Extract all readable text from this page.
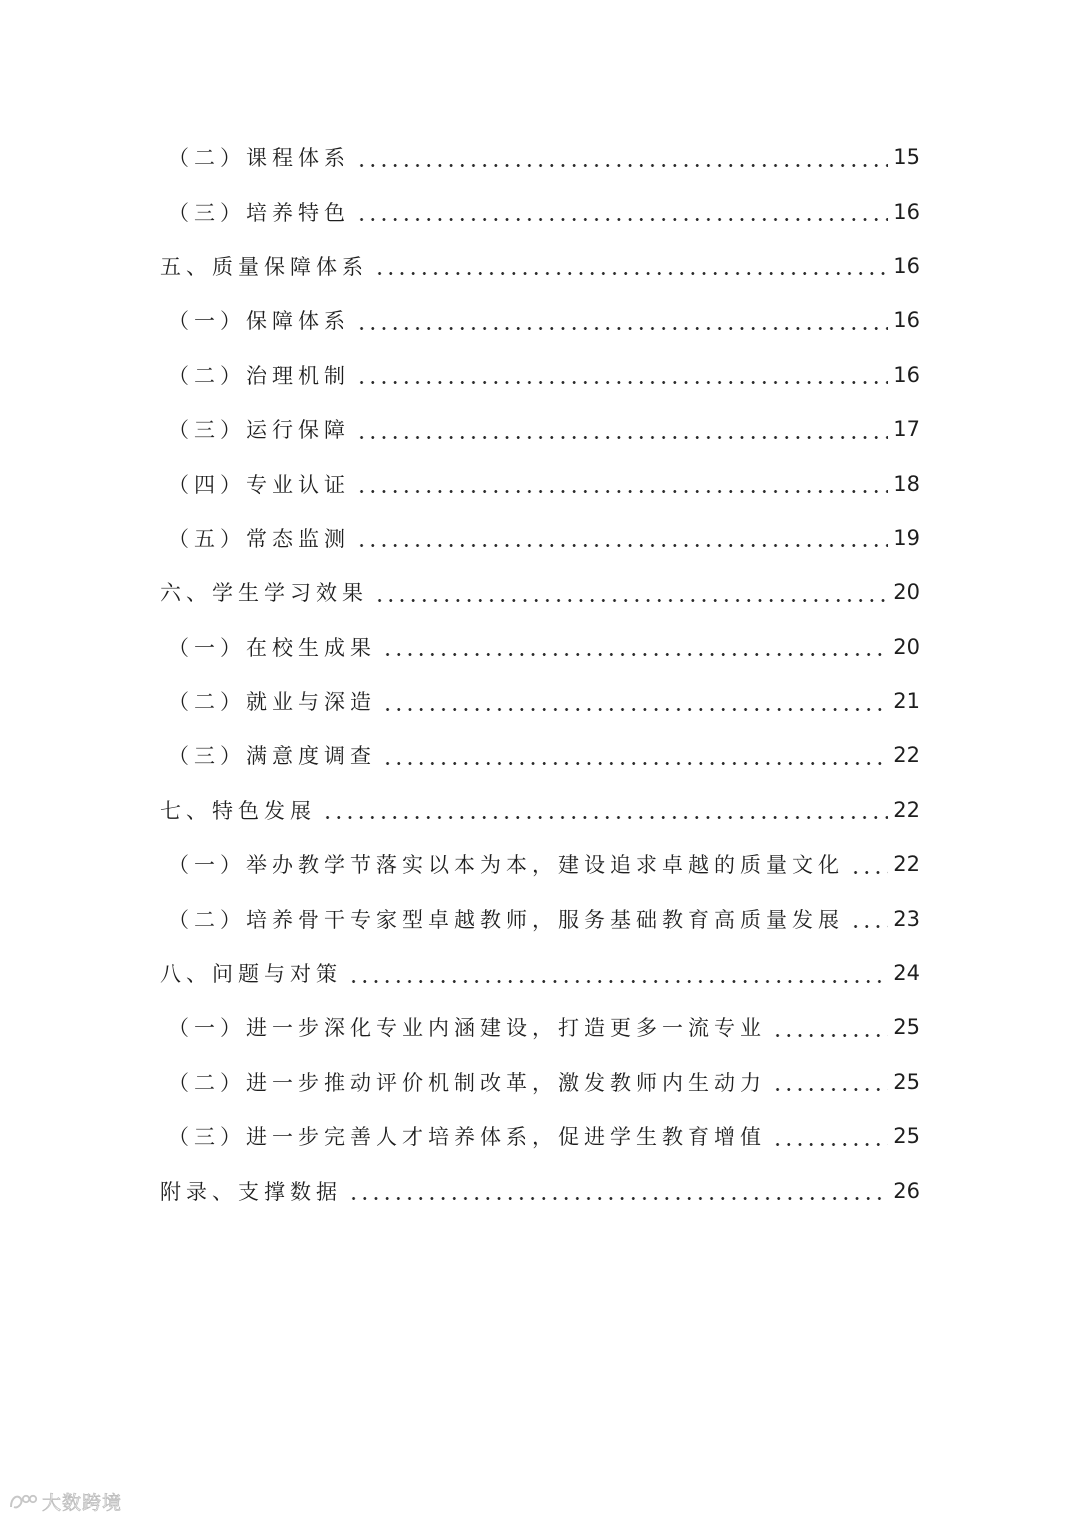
（二）课程体系	15
（三）培养特色	16
五、质量保障体系	16
（一）保障体系	16
（二）治理机制	16
（三）运行保障	17
（四）专业认证	18
（五）常态监测	19
六、学生学习效果	20
（一）在校生成果	20
（二）就业与深造	21
（三）满意度调查	22
七、特色发展	22
（一）举办教学节落实以本为本，建设追求卓越的质量文化 22
（二）培养骨干专家型卓越教师，服务基础教育高质量发展 23
八、问题与对策	24
（一）进一步深化专业内涵建设，打造更多一流专业	25
（二）进一步推动评价机制改革，激发教师内生动力	25
（三）进一步完善人才培养体系，促进学生教育增值	25
附录、支撑数据	26
大数跨境
